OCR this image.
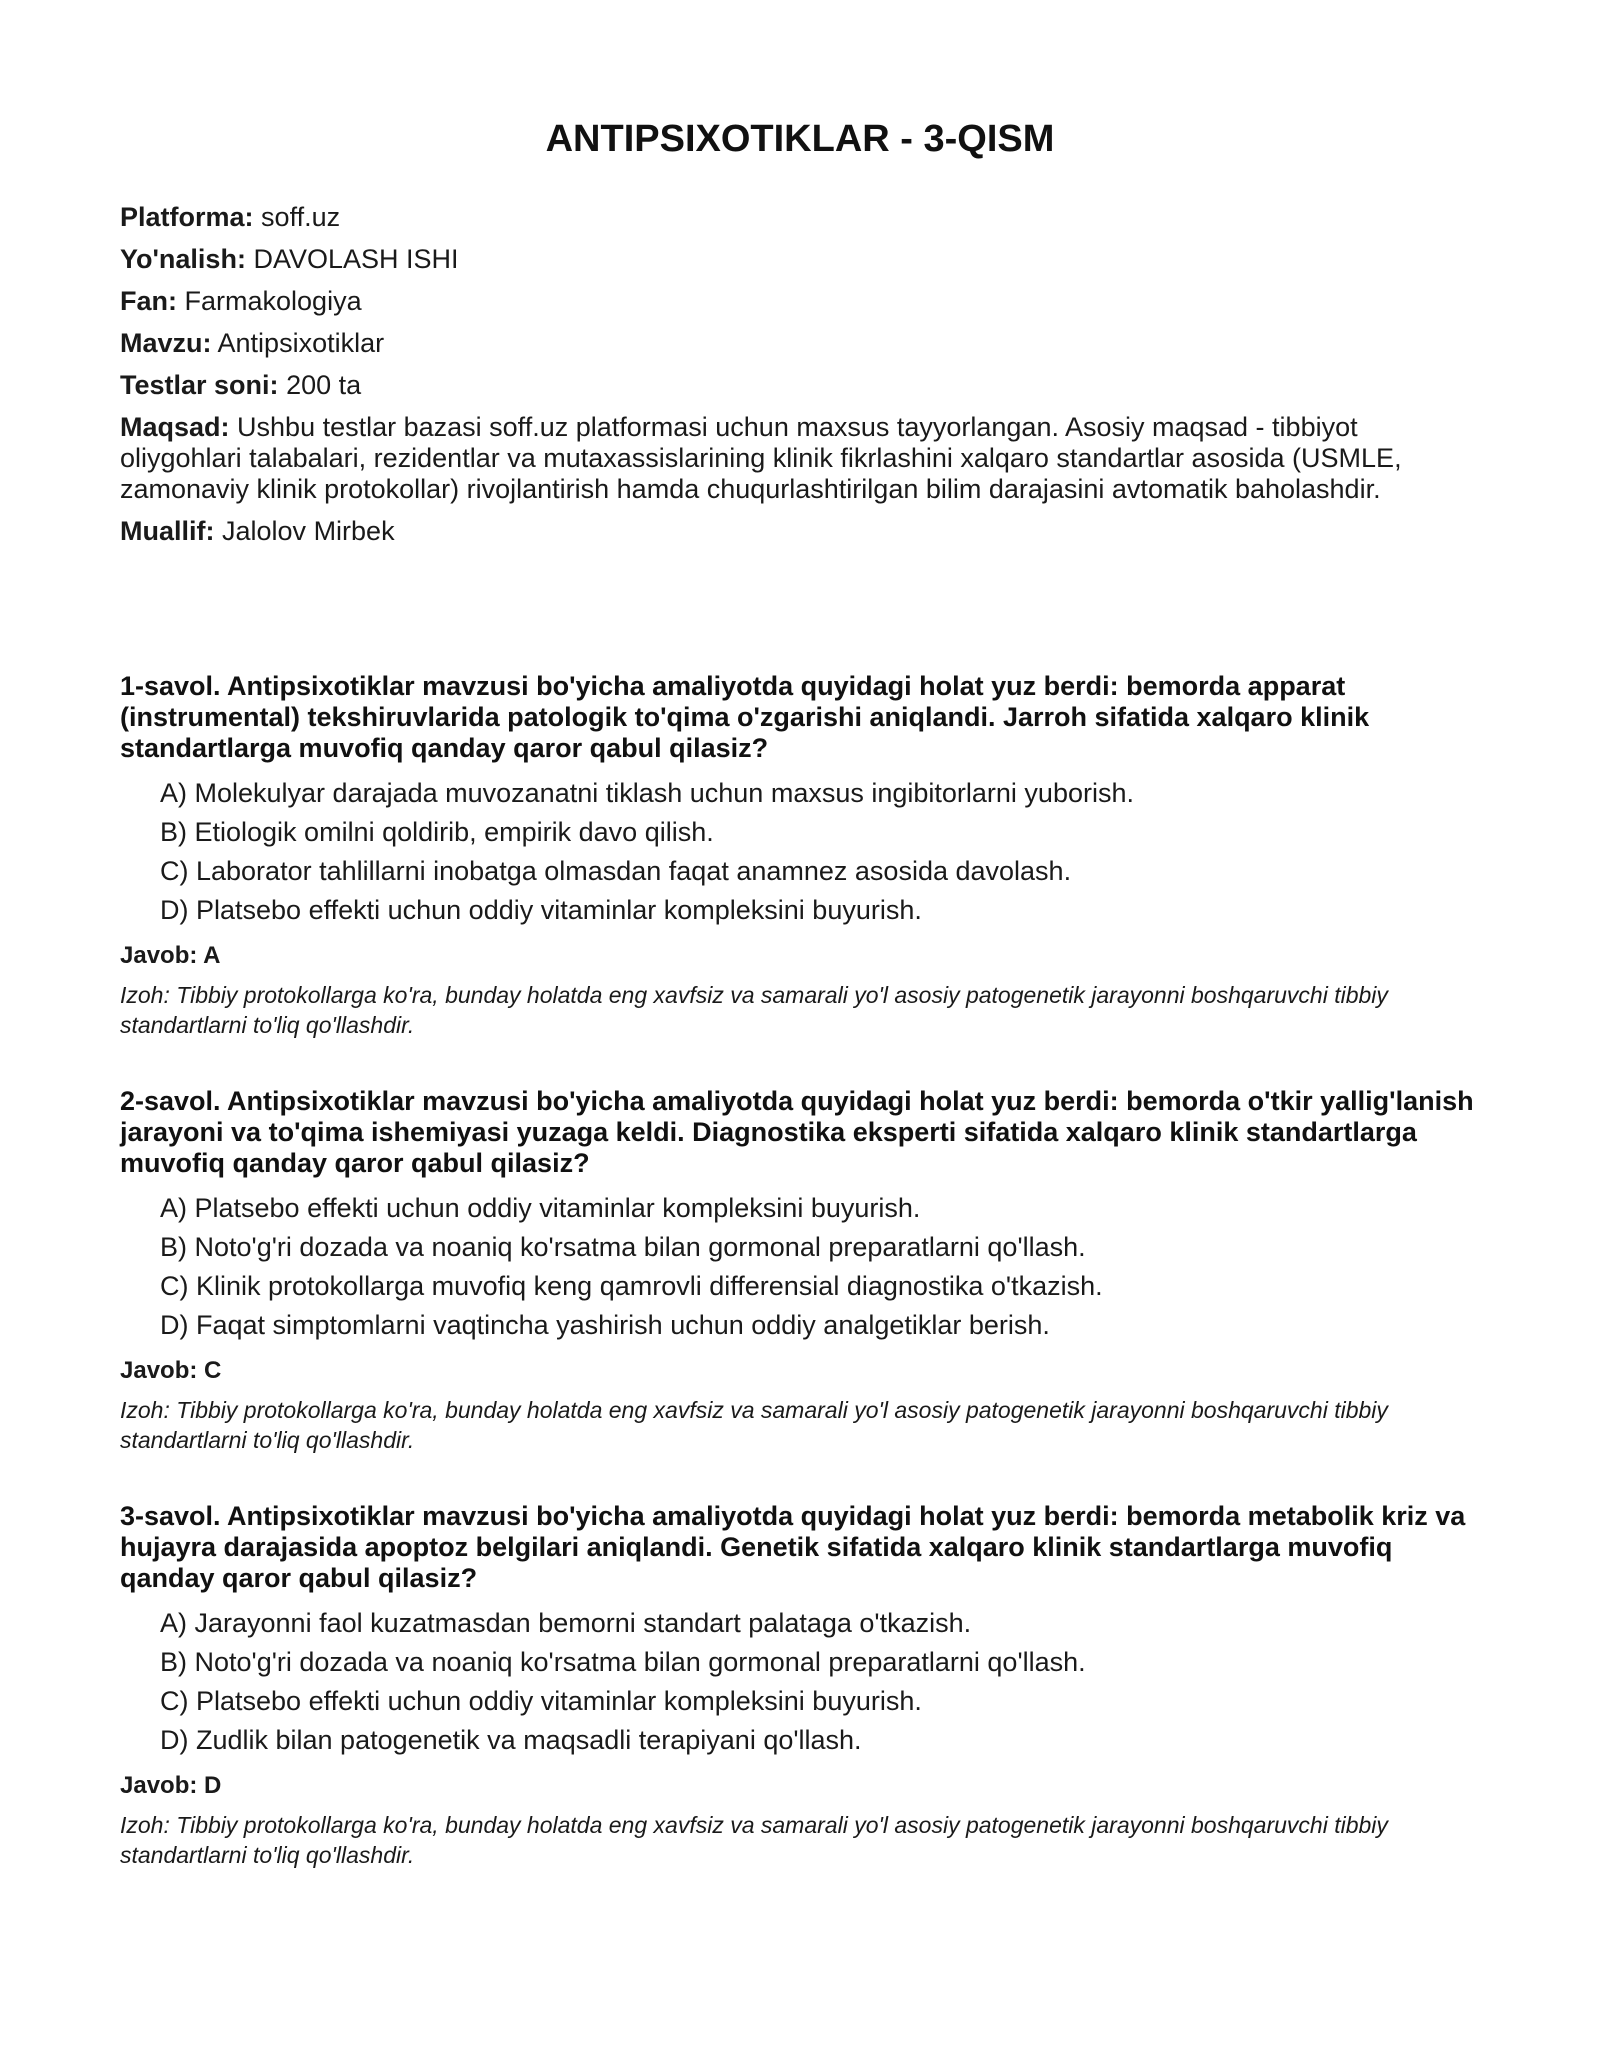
ANTIPSIXOTIKLAR - 3-QISM
Platforma: soff.uz
Yo'nalish: DAVOLASH ISHI
Fan: Farmakologiya
Mavzu: Antipsixotiklar
Testlar soni: 200 ta
Maqsad: Ushbu testlar bazasi soff.uz platformasi uchun maxsus tayyorlangan. Asosiy maqsad - tibbiyot oliygohlari talabalari, rezidentlar va mutaxassislarining klinik fikrlashini xalqaro standartlar asosida (USMLE, zamonaviy klinik protokollar) rivojlantirish hamda chuqurlashtirilgan bilim darajasini avtomatik baholashdir.
Muallif: Jalolov Mirbek

1-savol. Antipsixotiklar mavzusi bo'yicha amaliyotda quyidagi holat yuz berdi: bemorda apparat (instrumental) tekshiruvlarida patologik to'qima o'zgarishi aniqlandi. Jarroh sifatida xalqaro klinik standartlarga muvofiq qanday qaror qabul qilasiz?

A) Molekulyar darajada muvozanatni tiklash uchun maxsus ingibitorlarni yuborish.
B) Etiologik omilni qoldirib, empirik davo qilish.
C) Laborator tahlillarni inobatga olmasdan faqat anamnez asosida davolash.
D) Platsebo effekti uchun oddiy vitaminlar kompleksini buyurish.
Javob: A

Izoh: Tibbiy protokollarga ko'ra, bunday holatda eng xavfsiz va samarali yo'l asosiy patogenetik jarayonni boshqaruvchi tibbiy standartlarni to'liq qo'llashdir.

2-savol. Antipsixotiklar mavzusi bo'yicha amaliyotda quyidagi holat yuz berdi: bemorda o'tkir yallig'lanish jarayoni va to'qima ishemiyasi yuzaga keldi. Diagnostika eksperti sifatida xalqaro klinik standartlarga muvofiq qanday qaror qabul qilasiz?

A) Platsebo effekti uchun oddiy vitaminlar kompleksini buyurish.
B) Noto'g'ri dozada va noaniq ko'rsatma bilan gormonal preparatlarni qo'llash.
C) Klinik protokollarga muvofiq keng qamrovli differensial diagnostika o'tkazish.
D) Faqat simptomlarni vaqtincha yashirish uchun oddiy analgetiklar berish.
Javob: C

Izoh: Tibbiy protokollarga ko'ra, bunday holatda eng xavfsiz va samarali yo'l asosiy patogenetik jarayonni boshqaruvchi tibbiy standartlarni to'liq qo'llashdir.

3-savol. Antipsixotiklar mavzusi bo'yicha amaliyotda quyidagi holat yuz berdi: bemorda metabolik kriz va hujayra darajasida apoptoz belgilari aniqlandi. Genetik sifatida xalqaro klinik standartlarga muvofiq qanday qaror qabul qilasiz?

A) Jarayonni faol kuzatmasdan bemorni standart palataga o'tkazish.
B) Noto'g'ri dozada va noaniq ko'rsatma bilan gormonal preparatlarni qo'llash.
C) Platsebo effekti uchun oddiy vitaminlar kompleksini buyurish.
D) Zudlik bilan patogenetik va maqsadli terapiyani qo'llash.
Javob: D

Izoh: Tibbiy protokollarga ko'ra, bunday holatda eng xavfsiz va samarali yo'l asosiy patogenetik jarayonni boshqaruvchi tibbiy standartlarni to'liq qo'llashdir.
